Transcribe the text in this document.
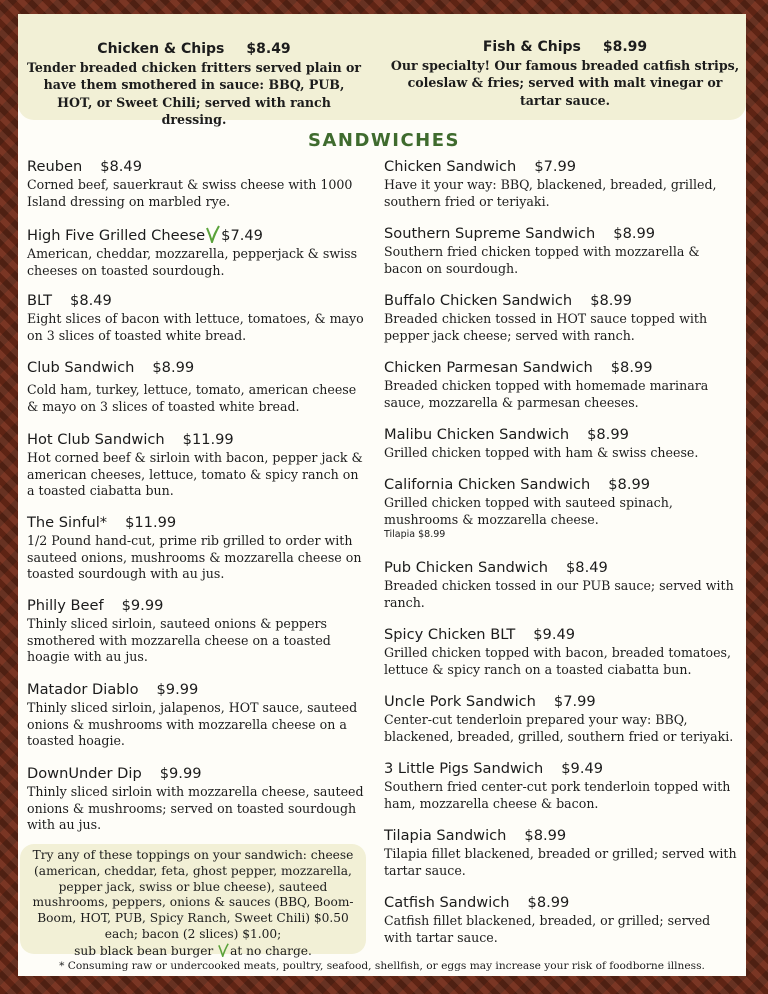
Chicken & Chips $8.49
Tender breaded chicken fritters served plain or have them smothered in sauce: BBQ, PUB, HOT, or Sweet Chili; served with ranch dressing.
Fish & Chips $8.99
Our specialty! Our famous breaded catfish strips, coleslaw & fries; served with malt vinegar or tartar sauce.
SANDWICHES
Reuben $8.49
Corned beef, sauerkraut & swiss cheese with 1000 Island dressing on marbled rye.
High Five Grilled Cheese $7.49
American, cheddar, mozzarella, pepperjack & swiss cheeses on toasted sourdough.
BLT $8.49
Eight slices of bacon with lettuce, tomatoes, & mayo on 3 slices of toasted white bread.
Club Sandwich $8.99
Cold ham, turkey, lettuce, tomato, american cheese & mayo on 3 slices of toasted white bread.
Hot Club Sandwich $11.99
Hot corned beef & sirloin with bacon, pepper jack & american cheeses, lettuce, tomato & spicy ranch on a toasted ciabatta bun.
The Sinful* $11.99
1/2 Pound hand-cut, prime rib grilled to order with sauteed onions, mushrooms & mozzarella cheese on toasted sourdough with au jus.
Philly Beef $9.99
Thinly sliced sirloin, sauteed onions & peppers smothered with mozzarella cheese on a toasted hoagie with au jus.
Matador Diablo $9.99
Thinly sliced sirloin, jalapenos, HOT sauce, sauteed onions & mushrooms with mozzarella cheese on a toasted hoagie.
DownUnder Dip $9.99
Thinly sliced sirloin with mozzarella cheese, sauteed onions & mushrooms; served on toasted sourdough with au jus.
Chicken Sandwich $7.99
Have it your way: BBQ, blackened, breaded, grilled, southern fried or teriyaki.
Southern Supreme Sandwich $8.99
Southern fried chicken topped with mozzarella & bacon on sourdough.
Buffalo Chicken Sandwich $8.99
Breaded chicken tossed in HOT sauce topped with pepper jack cheese; served with ranch.
Chicken Parmesan Sandwich $8.99
Breaded chicken topped with homemade marinara sauce, mozzarella & parmesan cheeses.
Malibu Chicken Sandwich $8.99
Grilled chicken topped with ham & swiss cheese.
California Chicken Sandwich $8.99
Grilled chicken topped with sauteed spinach, mushrooms & mozzarella cheese.
Tilapia $8.99
Pub Chicken Sandwich $8.49
Breaded chicken tossed in our PUB sauce; served with ranch.
Spicy Chicken BLT $9.49
Grilled chicken topped with bacon, breaded tomatoes, lettuce & spicy ranch on a toasted ciabatta bun.
Uncle Pork Sandwich $7.99
Center-cut tenderloin prepared your way: BBQ, blackened, breaded, grilled, southern fried or teriyaki.
3 Little Pigs Sandwich $9.49
Southern fried center-cut pork tenderloin topped with ham, mozzarella cheese & bacon.
Tilapia Sandwich $8.99
Tilapia fillet blackened, breaded or grilled; served with tartar sauce.
Catfish Sandwich $8.99
Catfish fillet blackened, breaded, or grilled; served with tartar sauce.
Try any of these toppings on your sandwich: cheese (american, cheddar, feta, ghost pepper, mozzarella, pepper jack, swiss or blue cheese), sauteed mushrooms, peppers, onions & sauces (BBQ, Boom-Boom, HOT, PUB, Spicy Ranch, Sweet Chili) $0.50 each; bacon (2 slices) $1.00;
sub black bean burger at no charge.
* Consuming raw or undercooked meats, poultry, seafood, shellfish, or eggs may increase your risk of foodborne illness.
